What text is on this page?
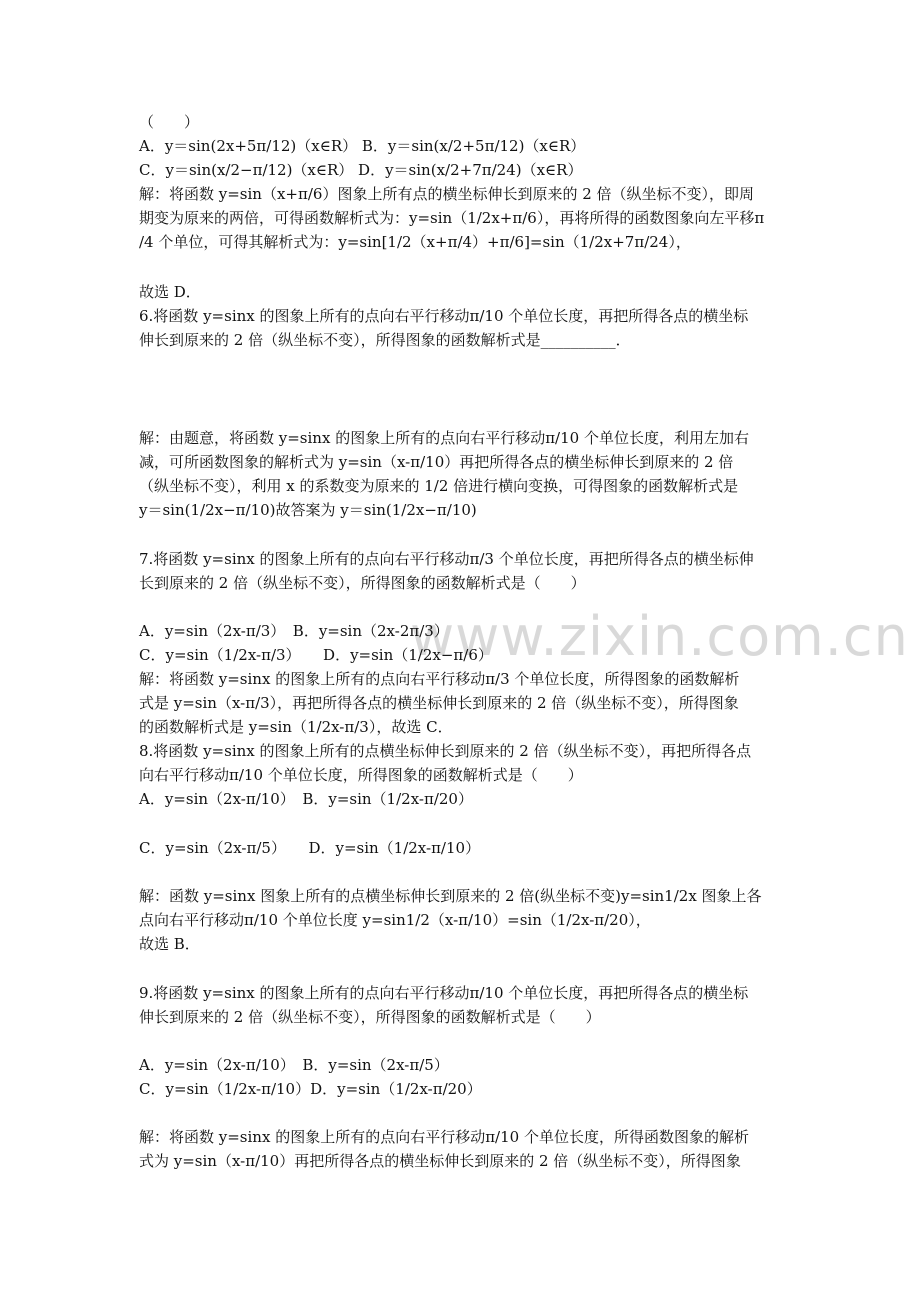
www.zixin.com.cn
（　　）
A．y＝sin(2x+5π/12)（x∈R） B．y＝sin(x/2+5π/12)（x∈R）
C．y＝sin(x/2−π/12)（x∈R） D．y＝sin(x/2+7π/24)（x∈R）
解：将函数 y=sin（x+π/6）图象上所有点的横坐标伸长到原来的 2 倍（纵坐标不变），即周
期变为原来的两倍，可得函数解析式为：y=sin（1/2x+π/6），再将所得的函数图象向左平移π
/4 个单位，可得其解析式为：y=sin[1/2（x+π/4）+π/6]=sin（1/2x+7π/24），
故选 D．
6.将函数 y=sinx 的图象上所有的点向右平行移动π/10 个单位长度，再把所得各点的横坐标
伸长到原来的 2 倍（纵坐标不变），所得图象的函数解析式是__________．
解：由题意，将函数 y=sinx 的图象上所有的点向右平行移动π/10 个单位长度，利用左加右
减，可所函数图象的解析式为 y=sin（x-π/10）再把所得各点的横坐标伸长到原来的 2 倍
（纵坐标不变），利用 x 的系数变为原来的 1/2 倍进行横向变换，可得图象的函数解析式是
y＝sin(1/2x−π/10)故答案为 y＝sin(1/2x−π/10)
7.将函数 y=sinx 的图象上所有的点向右平行移动π/3 个单位长度，再把所得各点的横坐标伸
长到原来的 2 倍（纵坐标不变），所得图象的函数解析式是（　　）
A．y=sin（2x-π/3）　B．y=sin（2x-2π/3）
C．y=sin（1/2x-π/3）　　D．y=sin（1/2x−π/6）
解：将函数 y=sinx 的图象上所有的点向右平行移动π/3 个单位长度，所得图象的函数解析
式是 y=sin（x-π/3），再把所得各点的横坐标伸长到原来的 2 倍（纵坐标不变），所得图象
的函数解析式是 y=sin（1/2x-π/3），故选 C．
8.将函数 y=sinx 的图象上所有的点横坐标伸长到原来的 2 倍（纵坐标不变），再把所得各点
向右平行移动π/10 个单位长度，所得图象的函数解析式是（　　）
A．y=sin（2x-π/10）　B．y=sin（1/2x-π/20）
C．y=sin（2x-π/5）　　D．y=sin（1/2x-π/10）
解：函数 y=sinx 图象上所有的点横坐标伸长到原来的 2 倍(纵坐标不变)y=sin1/2x 图象上各
点向右平行移动π/10 个单位长度 y=sin1/2（x-π/10）=sin（1/2x-π/20），
故选 B．
9.将函数 y=sinx 的图象上所有的点向右平行移动π/10 个单位长度，再把所得各点的横坐标
伸长到原来的 2 倍（纵坐标不变），所得图象的函数解析式是（　　）
A．y=sin（2x-π/10）　B．y=sin（2x-π/5）
C．y=sin（1/2x-π/10）D．y=sin（1/2x-π/20）
解：将函数 y=sinx 的图象上所有的点向右平行移动π/10 个单位长度，所得函数图象的解析
式为 y=sin（x-π/10）再把所得各点的横坐标伸长到原来的 2 倍（纵坐标不变），所得图象
